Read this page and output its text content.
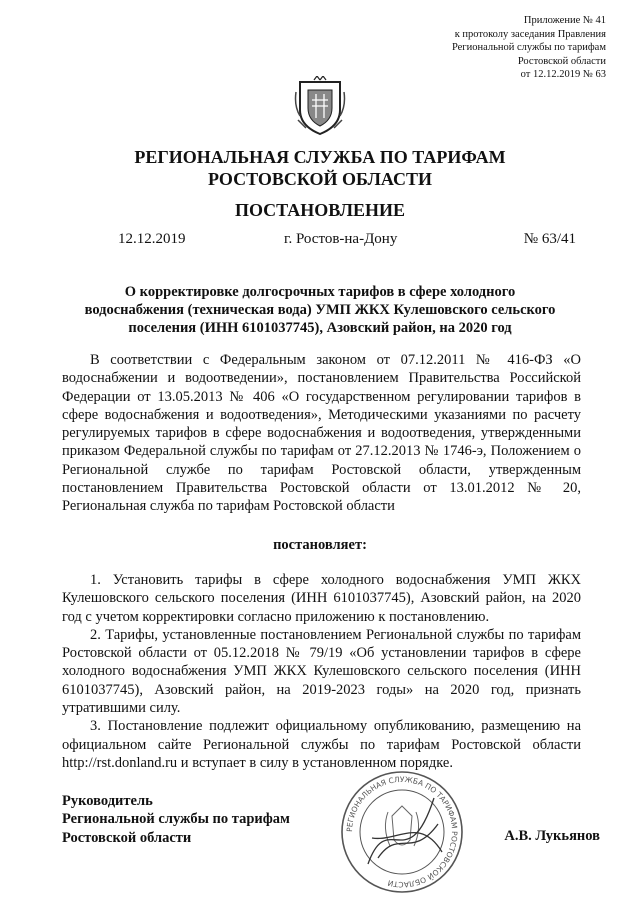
Приложение № 41
к протоколу заседания Правления
Региональной службы по тарифам
Ростовской области
от 12.12.2019 № 63
РЕГИОНАЛЬНАЯ СЛУЖБА ПО ТАРИФАМ
РОСТОВСКОЙ ОБЛАСТИ
ПОСТАНОВЛЕНИЕ
12.12.2019	г. Ростов-на-Дону	№ 63/41
О корректировке долгосрочных тарифов в сфере холодного
водоснабжения (техническая вода) УМП ЖКХ Кулешовского сельского
поселения (ИНН 6101037745), Азовский район, на 2020 год

В соответствии с Федеральным законом от 07.12.2011 № 416-ФЗ «О водоснабжении и водоотведении», постановлением Правительства Российской Федерации от 13.05.2013 № 406 «О государственном регулировании тарифов в сфере водоснабжения и водоотведения», Методическими указаниями по расчету регулируемых тарифов в сфере водоснабжения и водоотведения, утвержденными приказом Федеральной службы по тарифам от 27.12.2013 № 1746-э, Положением о Региональной службе по тарифам Ростовской области, утвержденным постановлением Правительства Ростовской области от 13.01.2012 № 20, Региональная служба по тарифам Ростовской области

постановляет:

1. Установить тарифы в сфере холодного водоснабжения УМП ЖКХ Кулешовского сельского поселения (ИНН 6101037745), Азовский район, на 2020 год с учетом корректировки согласно приложению к постановлению.

2. Тарифы, установленные постановлением Региональной службы по тарифам Ростовской области от 05.12.2018 № 79/19 «Об установлении тарифов в сфере холодного водоснабжения УМП ЖКХ Кулешовского сельского поселения (ИНН 6101037745), Азовский район, на 2019-2023 годы» на 2020 год, признать утратившими силу.

3. Постановление подлежит официальному опубликованию, размещению на официальном сайте Региональной службы по тарифам Ростовской области http://rst.donland.ru и вступает в силу в установленном порядке.

Руководитель
Региональной службы по тарифам
Ростовской области	РЕГИОНАЛЬНАЯ СЛУЖБА ПО ТАРИФАМ РОСТОВСКОЙ ОБЛАСТИ
А.В. Лукьянов
